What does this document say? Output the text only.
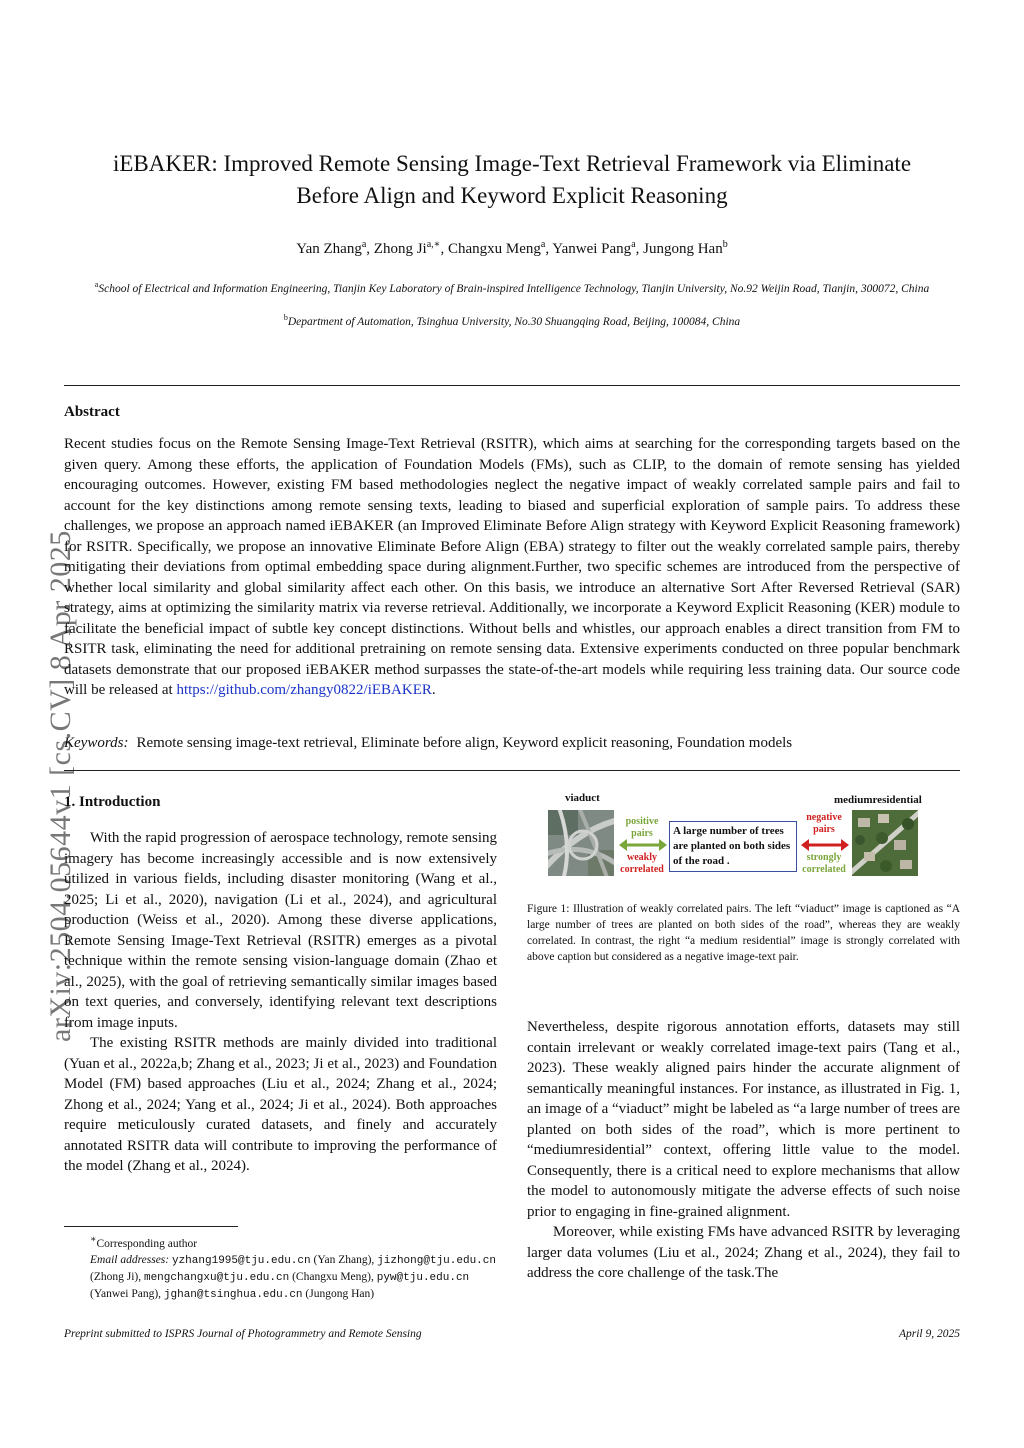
arXiv:2504.05644v1 [cs.CV] 8 Apr 2025
iEBAKER: Improved Remote Sensing Image-Text Retrieval Framework via Eliminate
Before Align and Keyword Explicit Reasoning
Yan Zhang$^a$, Zhong $Ji^{a,∗}$, Changxu Meng$^a$, Yanwei Pang$^a$, Jungong Han$^b$
$^a$School of Electrical and Information Engineering, Tianjin Key Laboratory of Brain-inspired Intelligence Technology, Tianjin University, No.92 Weijin Road, Tianjin, 300072, China
$^b$Department of Automation, Tsinghua University, No.30 Shuangqing Road, Beijing, 100084, China
Abstract
Recent studies focus on the Remote Sensing Image-Text Retrieval (RSITR), which aims at searching for the corresponding targets based on the given query. Among these efforts, the application of Foundation Models (FMs), such as CLIP, to the domain of remote sensing has yielded encouraging outcomes. However, existing FM based methodologies neglect the negative impact of weakly correlated sample pairs and fail to account for the key distinctions among remote sensing texts, leading to biased and superficial exploration of sample pairs. To address these challenges, we propose an approach named iEBAKER (an Improved Eliminate Before Align strategy with Keyword Explicit Reasoning framework) for RSITR. Specifically, we propose an innovative Eliminate Before Align (EBA) strategy to filter out the weakly correlated sample pairs, thereby mitigating their deviations from optimal embedding space during alignment.Further, two specific schemes are introduced from the perspective of whether local similarity and global similarity affect each other. On this basis, we introduce an alternative Sort After Reversed Retrieval (SAR) strategy, aims at optimizing the similarity matrix via reverse retrieval. Additionally, we incorporate a Keyword Explicit Reasoning (KER) module to facilitate the beneficial impact of subtle key concept distinctions. Without bells and whistles, our approach enables a direct transition from FM to RSITR task, eliminating the need for additional pretraining on remote sensing data. Extensive experiments conducted on three popular benchmark datasets demonstrate that our proposed iEBAKER method surpasses the state-of-the-art models while requiring less training data. Our source code will be released at https://github.com/zhangy0822/iEBAKER.
Keywords: Remote sensing image-text retrieval, Eliminate before align, Keyword explicit reasoning, Foundation models
1. Introduction

With the rapid progression of aerospace technology, remote sensing imagery has become increasingly accessible and is now extensively utilized in various fields, including disaster monitoring (Wang et al., 2025; Li et al., 2020), navigation (Li et al., 2024), and agricultural production (Weiss et al., 2020). Among these diverse applications, Remote Sensing Image-Text Retrieval (RSITR) emerges as a pivotal technique within the remote sensing vision-language domain (Zhao et al., 2025), with the goal of retrieving semantically similar images based on text queries, and conversely, identifying relevant text descriptions from image inputs.

The existing RSITR methods are mainly divided into traditional (Yuan et al., 2022a,b; Zhang et al., 2023; Ji et al., 2023) and Foundation Model (FM) based approaches (Liu et al., 2024; Zhang et al., 2024; Zhong et al., 2024; Yang et al., 2024; Ji et al., 2024). Both approaches require meticulously curated datasets, and finely and accurately annotated RSITR data will contribute to improving the performance of the model (Zhang et al., 2024).

viaduct	mediumresidential
positive pairs
weakly correlated
A large number of trees are planted on both sides of the road .
negative pairs
strongly correlated
Figure 1: Illustration of weakly correlated pairs. The left “viaduct” image is captioned as “A large number of trees are planted on both sides of the road”, whereas they are weakly correlated. In contrast, the right “a medium residential” image is strongly correlated with above caption but considered as a negative image-text pair.

Nevertheless, despite rigorous annotation efforts, datasets may still contain irrelevant or weakly correlated image-text pairs (Tang et al., 2023). These weakly aligned pairs hinder the accurate alignment of semantically meaningful instances. For instance, as illustrated in Fig. 1, an image of a “viaduct” might be labeled as “a large number of trees are planted on both sides of the road”, which is more pertinent to “mediumresidential” context, offering little value to the model. Consequently, there is a critical need to explore mechanisms that allow the model to autonomously mitigate the adverse effects of such noise prior to engaging in fine-grained alignment.

Moreover, while existing FMs have advanced RSITR by leveraging larger data volumes (Liu et al., 2024; Zhang et al., 2024), they fail to address the core challenge of the task.The

∗Corresponding author
Email addresses: yzhang1995@tju.edu.cn (Yan Zhang), jizhong@tju.edu.cn (Zhong Ji), mengchangxu@tju.edu.cn (Changxu Meng), pyw@tju.edu.cn (Yanwei Pang), jghan@tsinghua.edu.cn (Jungong Han)
Preprint submitted to ISPRS Journal of Photogrammetry and Remote Sensing	April 9, 2025
